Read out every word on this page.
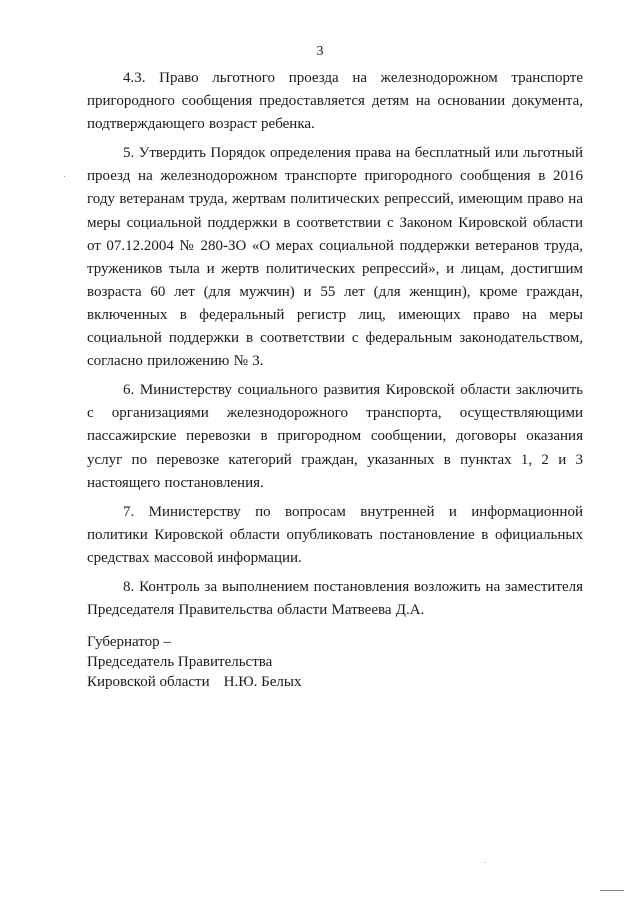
3

4.3. Право льготного проезда на железнодорожном транспорте пригородного сообщения предоставляется детям на основании документа, подтверждающего возраст ребенка.

5. Утвердить Порядок определения права на бесплатный или льготный проезд на железнодорожном транспорте пригородного сообщения в 2016 году ветеранам труда, жертвам политических репрессий, имеющим право на меры социальной поддержки в соответствии с Законом Кировской области от 07.12.2004 № 280-ЗО «О мерах социальной поддержки ветеранов труда, тружеников тыла и жертв политических репрессий», и лицам, достигшим возраста 60 лет (для мужчин) и 55 лет (для женщин), кроме граждан, включенных в федеральный регистр лиц, имеющих право на меры социальной поддержки в соответствии с федеральным законодательством, согласно приложению № 3.

6. Министерству социального развития Кировской области заключить с организациями железнодорожного транспорта, осуществляющими пассажирские перевозки в пригородном сообщении, договоры оказания услуг по перевозке категорий граждан, указанных в пунктах 1, 2 и 3 настоящего постановления.

7. Министерству по вопросам внутренней и информационной политики Кировской области опубликовать постановление в официальных средствах массовой информации.

8. Контроль за выполнением постановления возложить на заместителя Председателя Правительства области Матвеева Д.А.

Губернатор –
Председатель Правительства
Кировской области Н.Ю. Белых
